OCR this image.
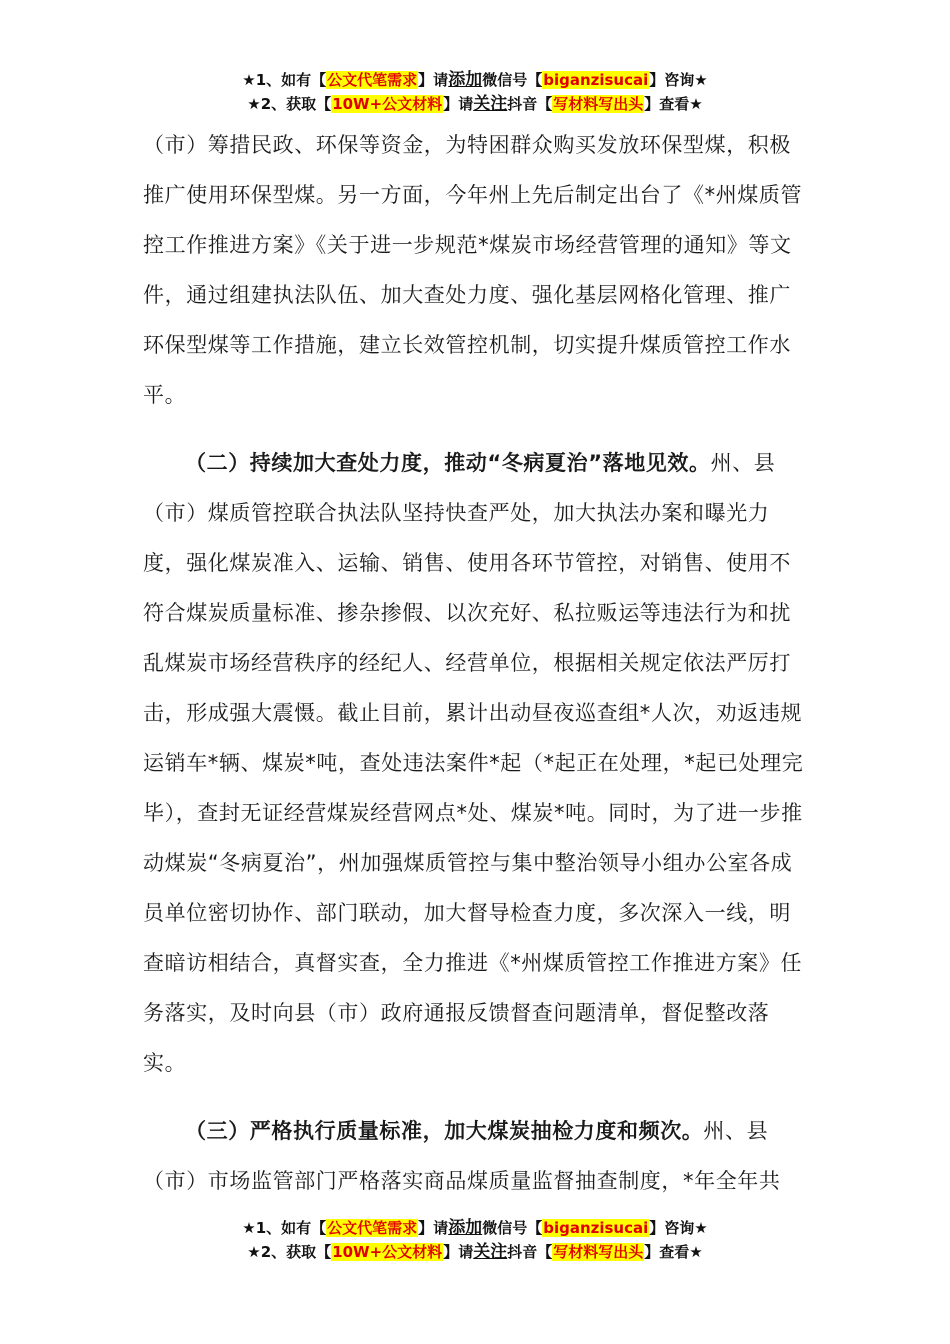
★1、如有【公文代笔需求】请添加微信号【biganzisucai】咨询★
★2、获取【10W+公文材料】请关注抖音【写材料写出头】查看★

（市）筹措民政、环保等资金，为特困群众购买发放环保型煤，积极推广使用环保型煤。另一方面，今年州上先后制定出台了《*州煤质管控工作推进方案》《关于进一步规范*煤炭市场经营管理的通知》等文件，通过组建执法队伍、加大查处力度、强化基层网格化管理、推广环保型煤等工作措施，建立长效管控机制，切实提升煤质管控工作水平。

（二）持续加大查处力度，推动“冬病夏治”落地见效。州、县（市）煤质管控联合执法队坚持快查严处，加大执法办案和曝光力度，强化煤炭准入、运输、销售、使用各环节管控，对销售、使用不符合煤炭质量标准、掺杂掺假、以次充好、私拉贩运等违法行为和扰乱煤炭市场经营秩序的经纪人、经营单位，根据相关规定依法严厉打击，形成强大震慑。截止目前，累计出动昼夜巡查组*人次，劝返违规运销车*辆、煤炭*吨，查处违法案件*起（*起正在处理，*起已处理完毕），查封无证经营煤炭经营网点*处、煤炭*吨。同时，为了进一步推动煤炭“冬病夏治”，州加强煤质管控与集中整治领导小组办公室各成员单位密切协作、部门联动，加大督导检查力度，多次深入一线，明查暗访相结合，真督实查，全力推进《*州煤质管控工作推进方案》任务落实，及时向县（市）政府通报反馈督查问题清单，督促整改落实。

（三）严格执行质量标准，加大煤炭抽检力度和频次。州、县（市）市场监管部门严格落实商品煤质量监督抽查制度，*年全年共

★1、如有【公文代笔需求】请添加微信号【biganzisucai】咨询★
★2、获取【10W+公文材料】请关注抖音【写材料写出头】查看★
